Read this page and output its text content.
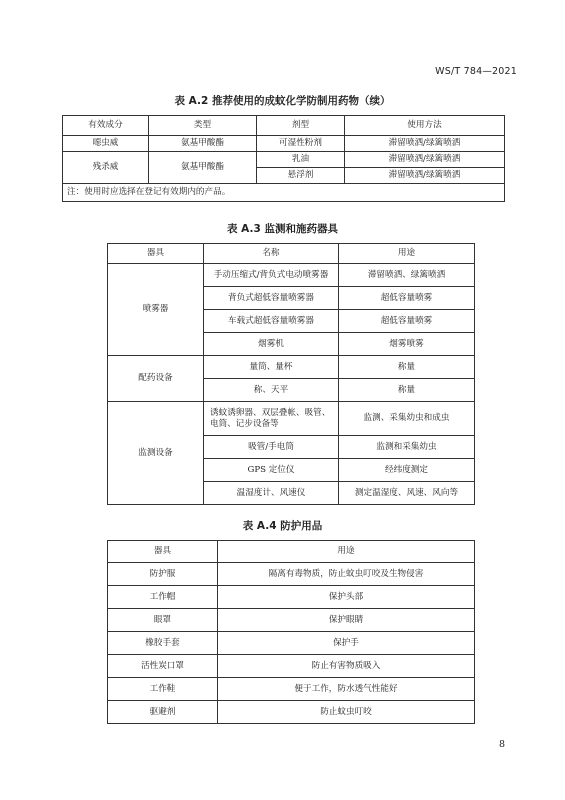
WS/T 784—2021
表 A.2 推荐使用的成蚊化学防制用药物（续）
有效成分	类型	剂型	使用方法
噁虫威	氨基甲酸酯	可湿性粉剂	滞留喷洒/绿篱喷洒
残杀威	氨基甲酸酯	乳油	滞留喷洒/绿篱喷洒
		悬浮剂	滞留喷洒/绿篱喷洒
注：使用时应选择在登记有效期内的产品。			
表 A.3 监测和施药器具
器具	名称	用途
喷雾器	手动压缩式/背负式电动喷雾器	滞留喷洒、绿篱喷洒
	背负式超低容量喷雾器	超低容量喷雾
	车载式超低容量喷雾器	超低容量喷雾
	烟雾机	烟雾喷雾
配药设备	量筒、量杯	称量
	称、天平	称量
监测设备	诱蚊诱卵器、双层叠帐、吸管、
电筒、记步设备等	监测、采集幼虫和成虫
	吸管/手电筒	监测和采集幼虫
	GPS 定位仪	经纬度测定
	温湿度计、风速仪	测定温湿度、风速、风向等
表 A.4 防护用品
器具	用途
防护服	隔离有毒物质，防止蚊虫叮咬及生物侵害
工作帽	保护头部
眼罩	保护眼睛
橡胶手套	保护手
活性炭口罩	防止有害物质吸入
工作鞋	便于工作，防水透气性能好
驱避剂	防止蚊虫叮咬
8
